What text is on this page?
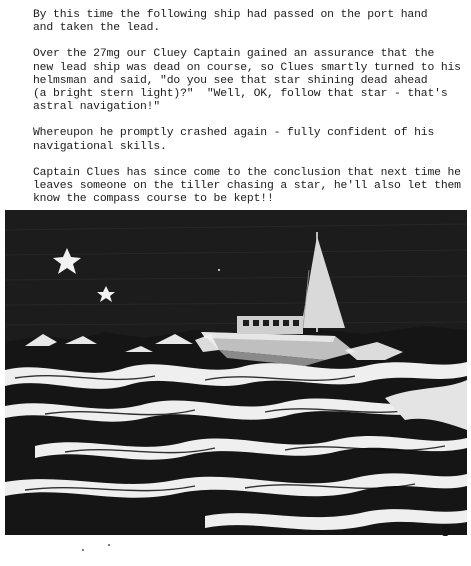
By this time the following ship had passed on the port hand
and taken the lead.

Over the 27mg our Cluey Captain gained an assurance that the
new lead ship was dead on course, so Clues smartly turned to his
helmsman and said, "do you see that star shining dead ahead
(a bright stern light)?"  "Well, OK, follow that star - that's
astral navigation!"

Whereupon he promptly crashed again - fully confident of his
navigational skills.

Captain Clues has since come to the conclusion that next time he
leaves someone on the tiller chasing a star, he'll also let them
know the compass course to be kept!!

9
